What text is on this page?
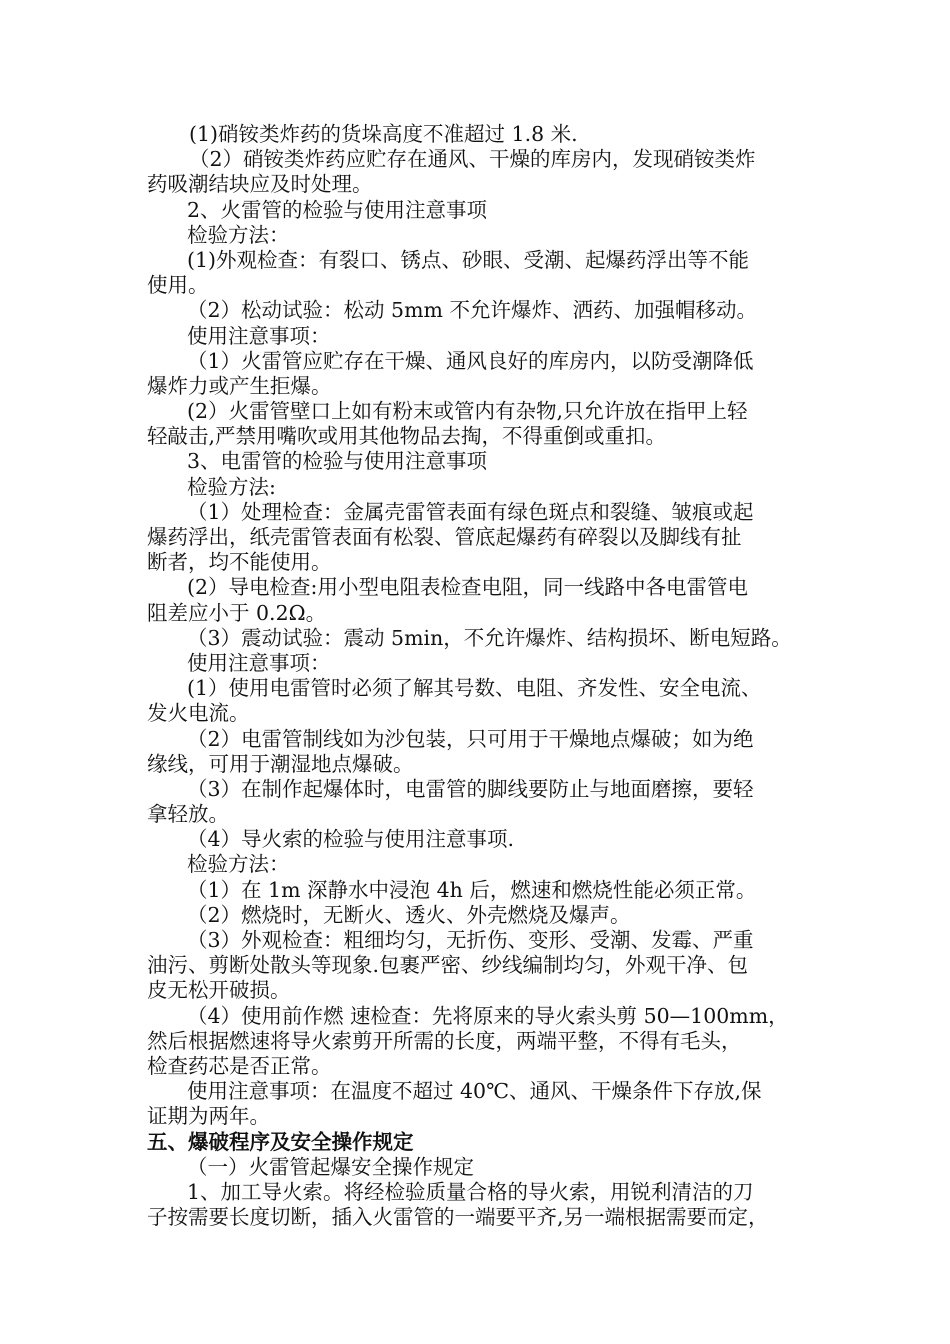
(1)硝铵类炸药的货垛高度不准超过 1.8 米.
（2）硝铵类炸药应贮存在通风、干燥的库房内，发现硝铵类炸
药吸潮结块应及时处理。
2、火雷管的检验与使用注意事项
检验方法：
(1)外观检查：有裂口、锈点、砂眼、受潮、起爆药浮出等不能
使用。
（2）松动试验：松动 5mm 不允许爆炸、洒药、加强帽移动。
使用注意事项：
（1）火雷管应贮存在干燥、通风良好的库房内，以防受潮降低
爆炸力或产生拒爆。
(2）火雷管壁口上如有粉末或管内有杂物,只允许放在指甲上轻
轻敲击,严禁用嘴吹或用其他物品去掏，不得重倒或重扣。
3、电雷管的检验与使用注意事项
检验方法:
（1）处理检查：金属壳雷管表面有绿色斑点和裂缝、皱痕或起
爆药浮出，纸壳雷管表面有松裂、管底起爆药有碎裂以及脚线有扯
断者，均不能使用。
(2）导电检查:用小型电阻表检查电阻，同一线路中各电雷管电
阻差应小于 0.2Ω。
（3）震动试验：震动 5min，不允许爆炸、结构损坏、断电短路。
使用注意事项：
(1）使用电雷管时必须了解其号数、电阻、齐发性、安全电流、
发火电流。
（2）电雷管制线如为沙包装，只可用于干燥地点爆破；如为绝
缘线，可用于潮湿地点爆破。
（3）在制作起爆体时，电雷管的脚线要防止与地面磨擦，要轻
拿轻放。
（4）导火索的检验与使用注意事项.
检验方法：
（1）在 1m 深静水中浸泡 4h 后，燃速和燃烧性能必须正常。
（2）燃烧时，无断火、透火、外壳燃烧及爆声。
（3）外观检查：粗细均匀，无折伤、变形、受潮、发霉、严重
油污、剪断处散头等现象.包裹严密、纱线编制均匀，外观干净、包
皮无松开破损。
（4）使用前作燃 速检查：先将原来的导火索头剪 50—100mm，
然后根据燃速将导火索剪开所需的长度，两端平整，不得有毛头，
检查药芯是否正常。
使用注意事项：在温度不超过 40℃、通风、干燥条件下存放,保
证期为两年。
五、爆破程序及安全操作规定
（一）火雷管起爆安全操作规定
1、加工导火索。将经检验质量合格的导火索，用锐利清洁的刀
子按需要长度切断，插入火雷管的一端要平齐,另一端根据需要而定，
